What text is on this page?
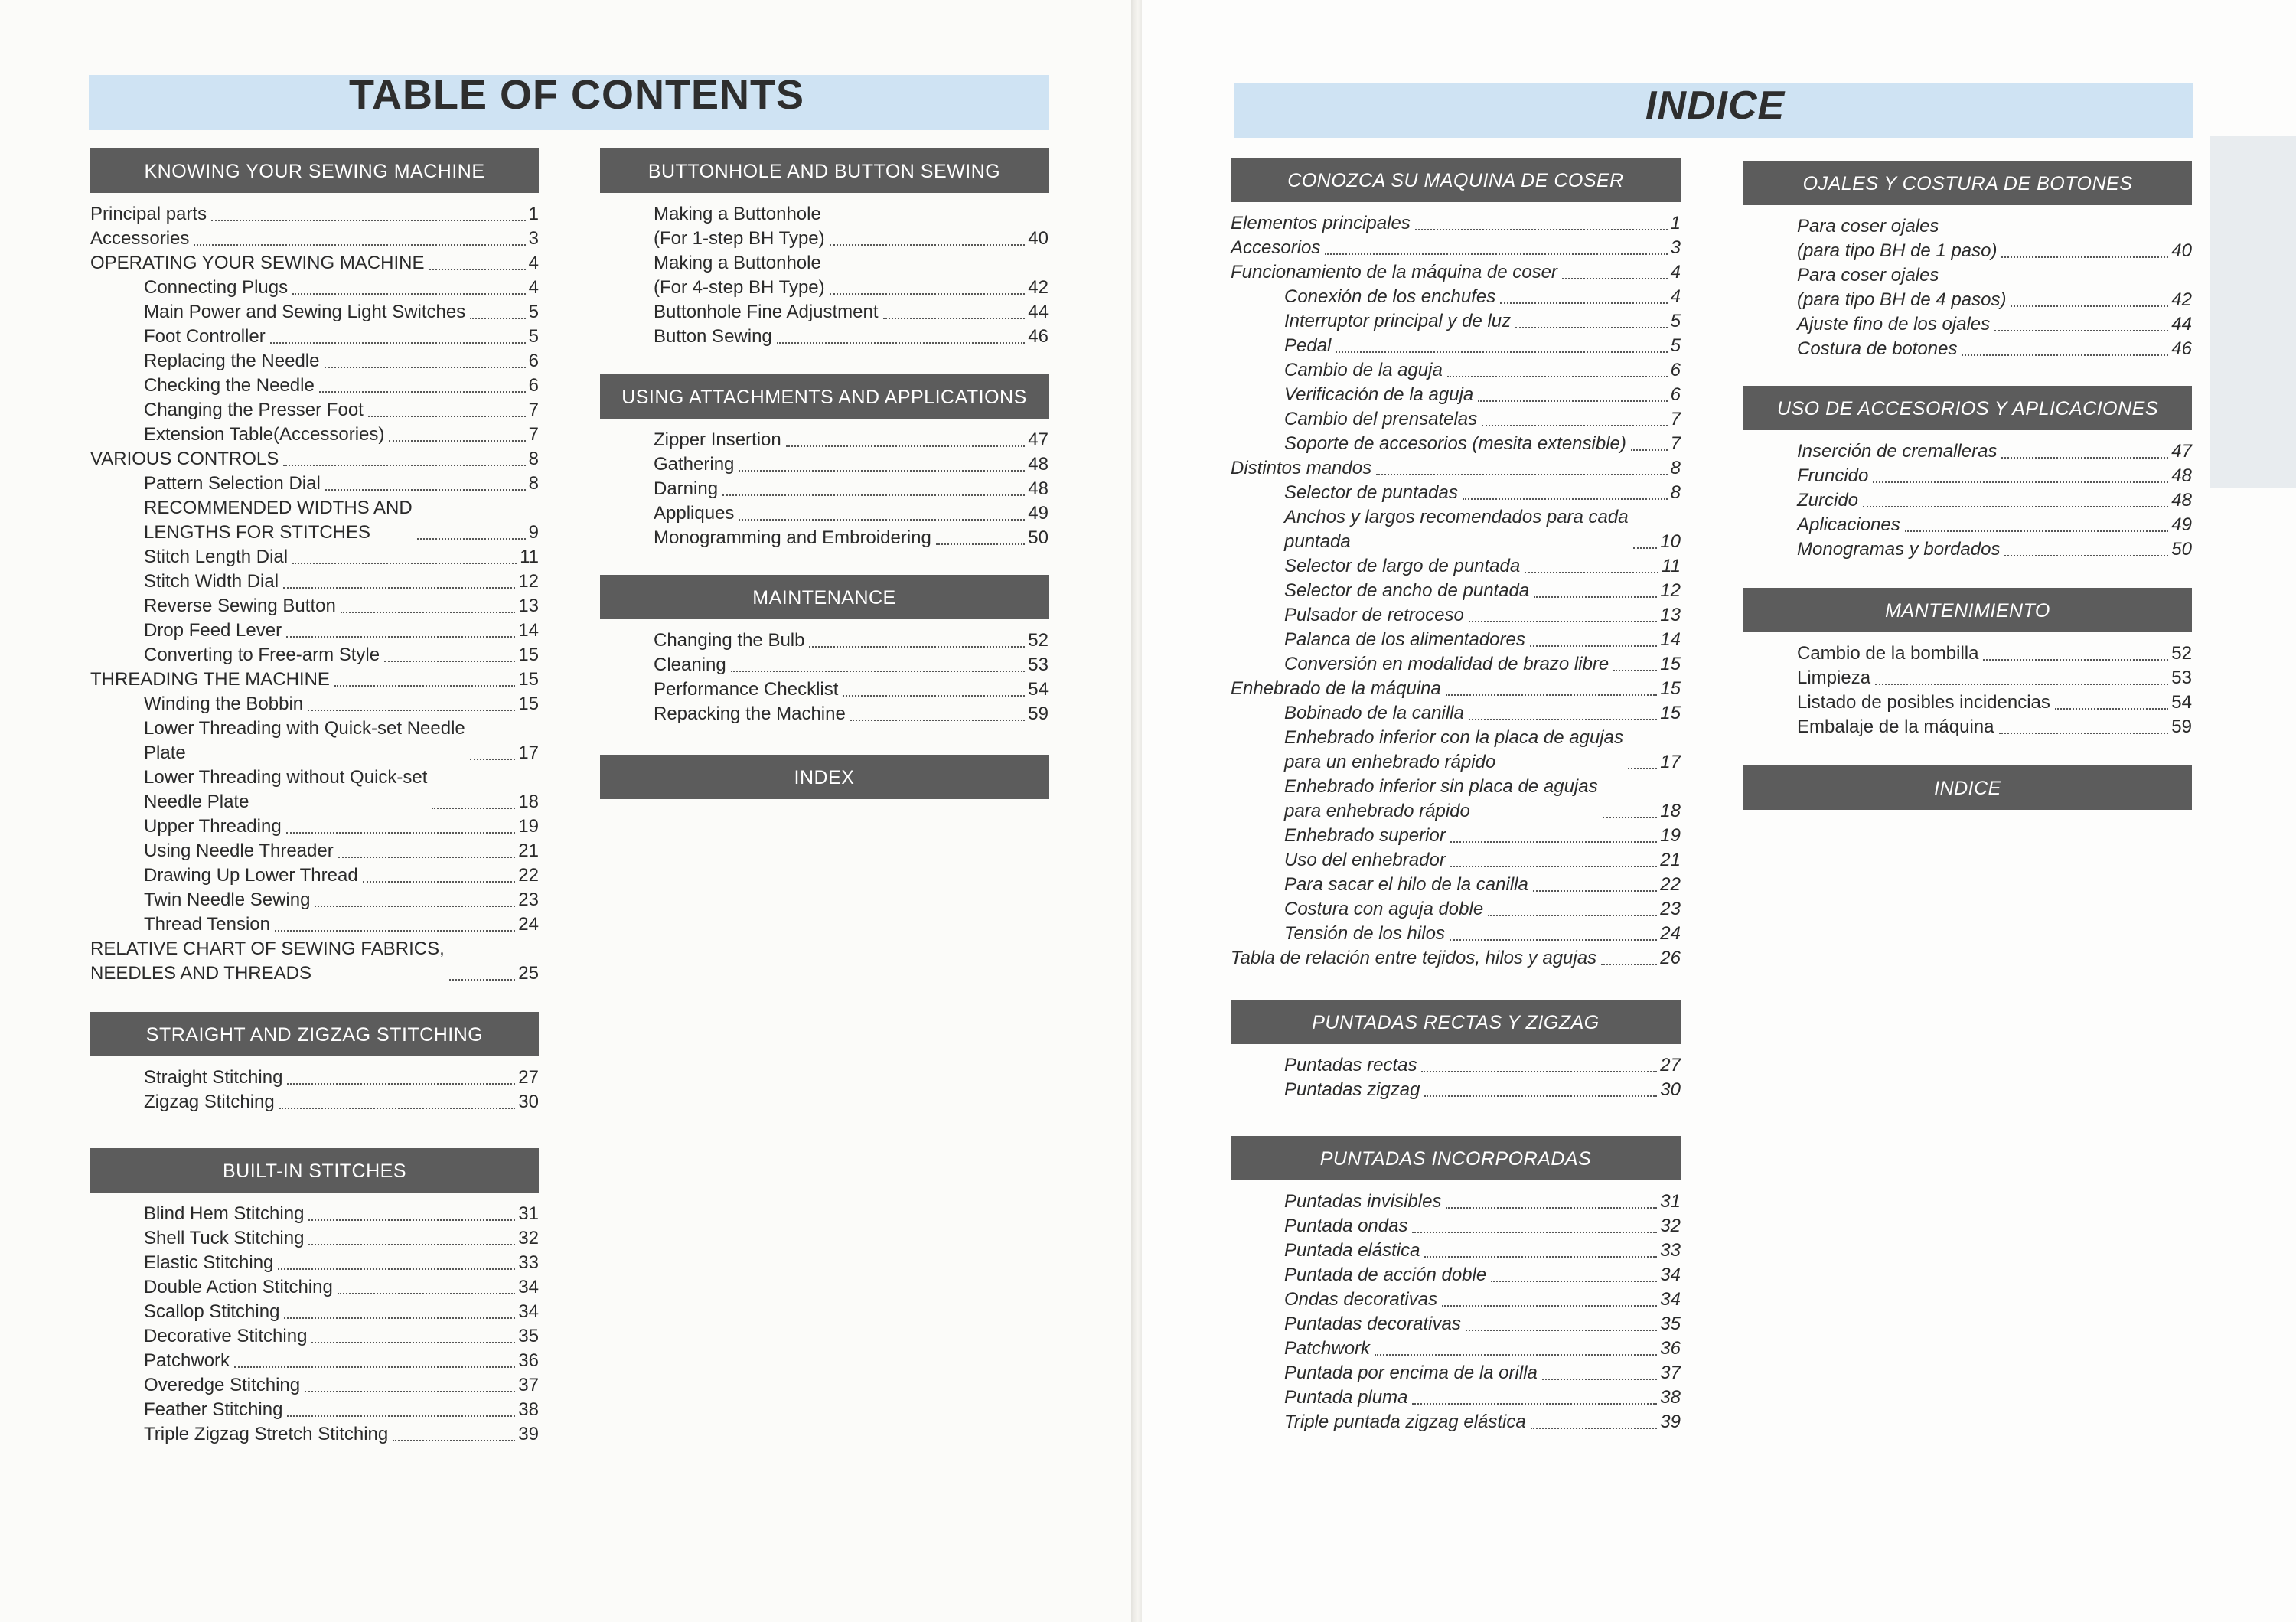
TABLE OF CONTENTS	INDICE
KNOWING YOUR SEWING MACHINE
Principal parts	1
Accessories	3
OPERATING YOUR SEWING MACHINE	4
Connecting Plugs	4
Main Power and Sewing Light Switches	5
Foot Controller	5
Replacing the Needle	6
Checking the Needle	6
Changing the Presser Foot	7
Extension Table(Accessories)	7
VARIOUS CONTROLS	8
Pattern Selection Dial	8
RECOMMENDED WIDTHS AND
LENGTHS FOR STITCHES	9
Stitch Length Dial	11
Stitch Width Dial	12
Reverse Sewing Button	13
Drop Feed Lever	14
Converting to Free-arm Style	15
THREADING THE MACHINE	15
Winding the Bobbin	15
Lower Threading with Quick-set Needle
Plate	17
Lower Threading without Quick-set
Needle Plate	18
Upper Threading	19
Using Needle Threader	21
Drawing Up Lower Thread	22
Twin Needle Sewing	23
Thread Tension	24
RELATIVE CHART OF SEWING FABRICS,
NEEDLES AND THREADS	25
STRAIGHT AND ZIGZAG STITCHING
Straight Stitching	27
Zigzag Stitching	30
BUILT-IN STITCHES
Blind Hem Stitching	31
Shell Tuck Stitching	32
Elastic Stitching	33
Double Action Stitching	34
Scallop Stitching	34
Decorative Stitching	35
Patchwork	36
Overedge Stitching	37
Feather Stitching	38
Triple Zigzag Stretch Stitching	39
BUTTONHOLE AND BUTTON SEWING
Making a Buttonhole
(For 1-step BH Type)	40
Making a Buttonhole
(For 4-step BH Type)	42
Buttonhole Fine Adjustment	44
Button Sewing	46
USING ATTACHMENTS AND APPLICATIONS
Zipper Insertion	47
Gathering	48
Darning	48
Appliques	49
Monogramming and Embroidering	50
MAINTENANCE
Changing the Bulb	52
Cleaning	53
Performance Checklist	54
Repacking the Machine	59
INDEX
CONOZCA SU MAQUINA DE COSER
Elementos principales	1
Accesorios	3
Funcionamiento de la máquina de coser	4
Conexión de los enchufes	4
Interruptor principal y de luz	5
Pedal	5
Cambio de la aguja	6
Verificación de la aguja	6
Cambio del prensatelas	7
Soporte de accesorios (mesita extensible) 7
Distintos mandos	8
Selector de puntadas	8
Anchos y largos recomendados para cada
puntada	10
Selector de largo de puntada	11
Selector de ancho de puntada	12
Pulsador de retroceso	13
Palanca de los alimentadores	14
Conversión en modalidad de brazo libre	15
Enhebrado de la máquina	15
Bobinado de la canilla	15
Enhebrado inferior con la placa de agujas
para un enhebrado rápido	17
Enhebrado inferior sin placa de agujas
para enhebrado rápido	18
Enhebrado superior	19
Uso del enhebrador	21
Para sacar el hilo de la canilla	22
Costura con aguja doble	23
Tensión de los hilos	24
Tabla de relación entre tejidos, hilos y agujas	26
PUNTADAS RECTAS Y ZIGZAG
Puntadas rectas	27
Puntadas zigzag	30
PUNTADAS INCORPORADAS
Puntadas invisibles	31
Puntada ondas	32
Puntada elástica	33
Puntada de acción doble	34
Ondas decorativas	34
Puntadas decorativas	35
Patchwork	36
Puntada por encima de la orilla	37
Puntada pluma	38
Triple puntada zigzag elástica	39
OJALES Y COSTURA DE BOTONES
Para coser ojales
(para tipo BH de 1 paso)	40
Para coser ojales
(para tipo BH de 4 pasos)	42
Ajuste fino de los ojales	44
Costura de botones	46
USO DE ACCESORIOS Y APLICACIONES
Inserción de cremalleras	47
Fruncido	48
Zurcido	48
Aplicaciones	49
Monogramas y bordados	50
MANTENIMIENTO
Cambio de la bombilla	52
Limpieza	53
Listado de posibles incidencias	54
Embalaje de la máquina	59
INDICE
